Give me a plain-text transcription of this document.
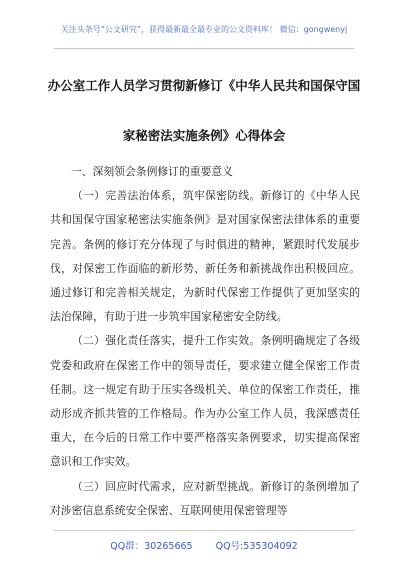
关注头条号“公文研究”，获得最新最全最专业的公文资料库！ 微信：gongwenyj
办公室工作人员学习贯彻新修订《中华人民共和国保守国
家秘密法实施条例》心得体会

一、深刻领会条例修订的重要意义

（一）完善法治体系，筑牢保密防线。新修订的《中华人民共和国保守国家秘密法实施条例》是对国家保密法律体系的重要完善。条例的修订充分体现了与时俱进的精神，紧跟时代发展步伐，对保密工作面临的新形势、新任务和新挑战作出积极回应。通过修订和完善相关规定，为新时代保密工作提供了更加坚实的法治保障，有助于进一步筑牢国家秘密安全防线。

（二）强化责任落实，提升工作实效。条例明确规定了各级党委和政府在保密工作中的领导责任，要求建立健全保密工作责任制。这一规定有助于压实各级机关、单位的保密工作责任，推动形成齐抓共管的工作格局。作为办公室工作人员，我深感责任重大，在今后的日常工作中要严格落实条例要求，切实提高保密意识和工作实效。

（三）回应时代需求，应对新型挑战。新修订的条例增加了对涉密信息系统安全保密、互联网使用保密管理等

QQ群：30265665 QQ号:535304092
